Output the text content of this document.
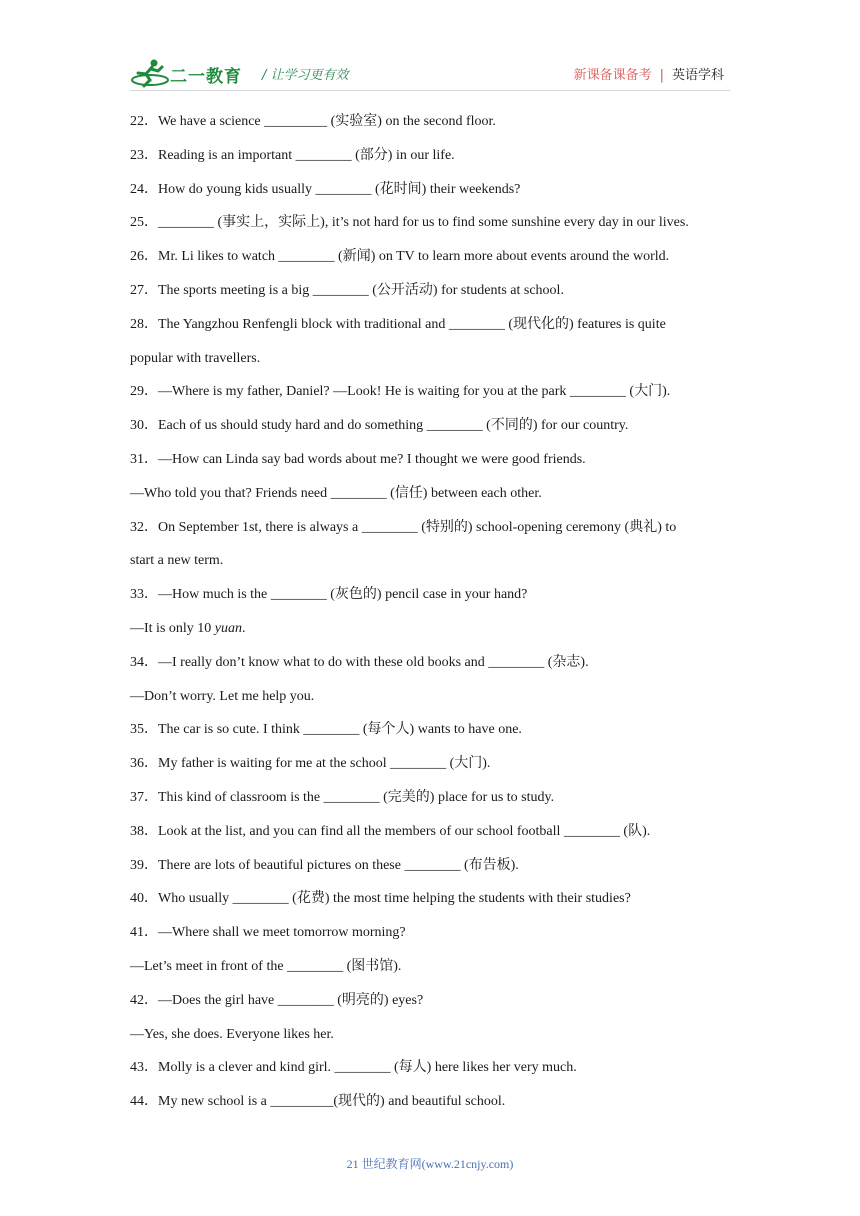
二一教育 / 让学习更有效	新课备课备考 | 英语学科
22．We have a science _________ (实验室) on the second floor.
23．Reading is an important ________ (部分) in our life.
24．How do young kids usually ________ (花时间) their weekends?
25．________ (事实上，实际上), it’s not hard for us to find some sunshine every day in our lives.
26．Mr. Li likes to watch ________ (新闻) on TV to learn more about events around the world.
27．The sports meeting is a big ________ (公开活动) for students at school.
28．The Yangzhou Renfengli block with traditional and ________ (现代化的) features is quite
popular with travellers.
29．—Where is my father, Daniel? —Look! He is waiting for you at the park ________ (大门).
30．Each of us should study hard and do something ________ (不同的) for our country.
31．—How can Linda say bad words about me? I thought we were good friends.
—Who told you that? Friends need ________ (信任) between each other.
32．On September 1st, there is always a ________ (特别的) school-opening ceremony (典礼) to
start a new term.
33．—How much is the ________ (灰色的) pencil case in your hand?
—It is only 10 yuan.
34．—I really don’t know what to do with these old books and ________ (杂志).
—Don’t worry. Let me help you.
35．The car is so cute. I think ________ (每个人) wants to have one.
36．My father is waiting for me at the school ________ (大门).
37．This kind of classroom is the ________ (完美的) place for us to study.
38．Look at the list, and you can find all the members of our school football ________ (队).
39．There are lots of beautiful pictures on these ________ (布告板).
40．Who usually ________ (花费) the most time helping the students with their studies?
41．—Where shall we meet tomorrow morning?
—Let’s meet in front of the ________ (图书馆).
42．—Does the girl have ________ (明亮的) eyes?
—Yes, she does. Everyone likes her.
43．Molly is a clever and kind girl. ________ (每人) here likes her very much.
44．My new school is a _________(现代的) and beautiful school.
21 世纪教育网(www.21cnjy.com)
